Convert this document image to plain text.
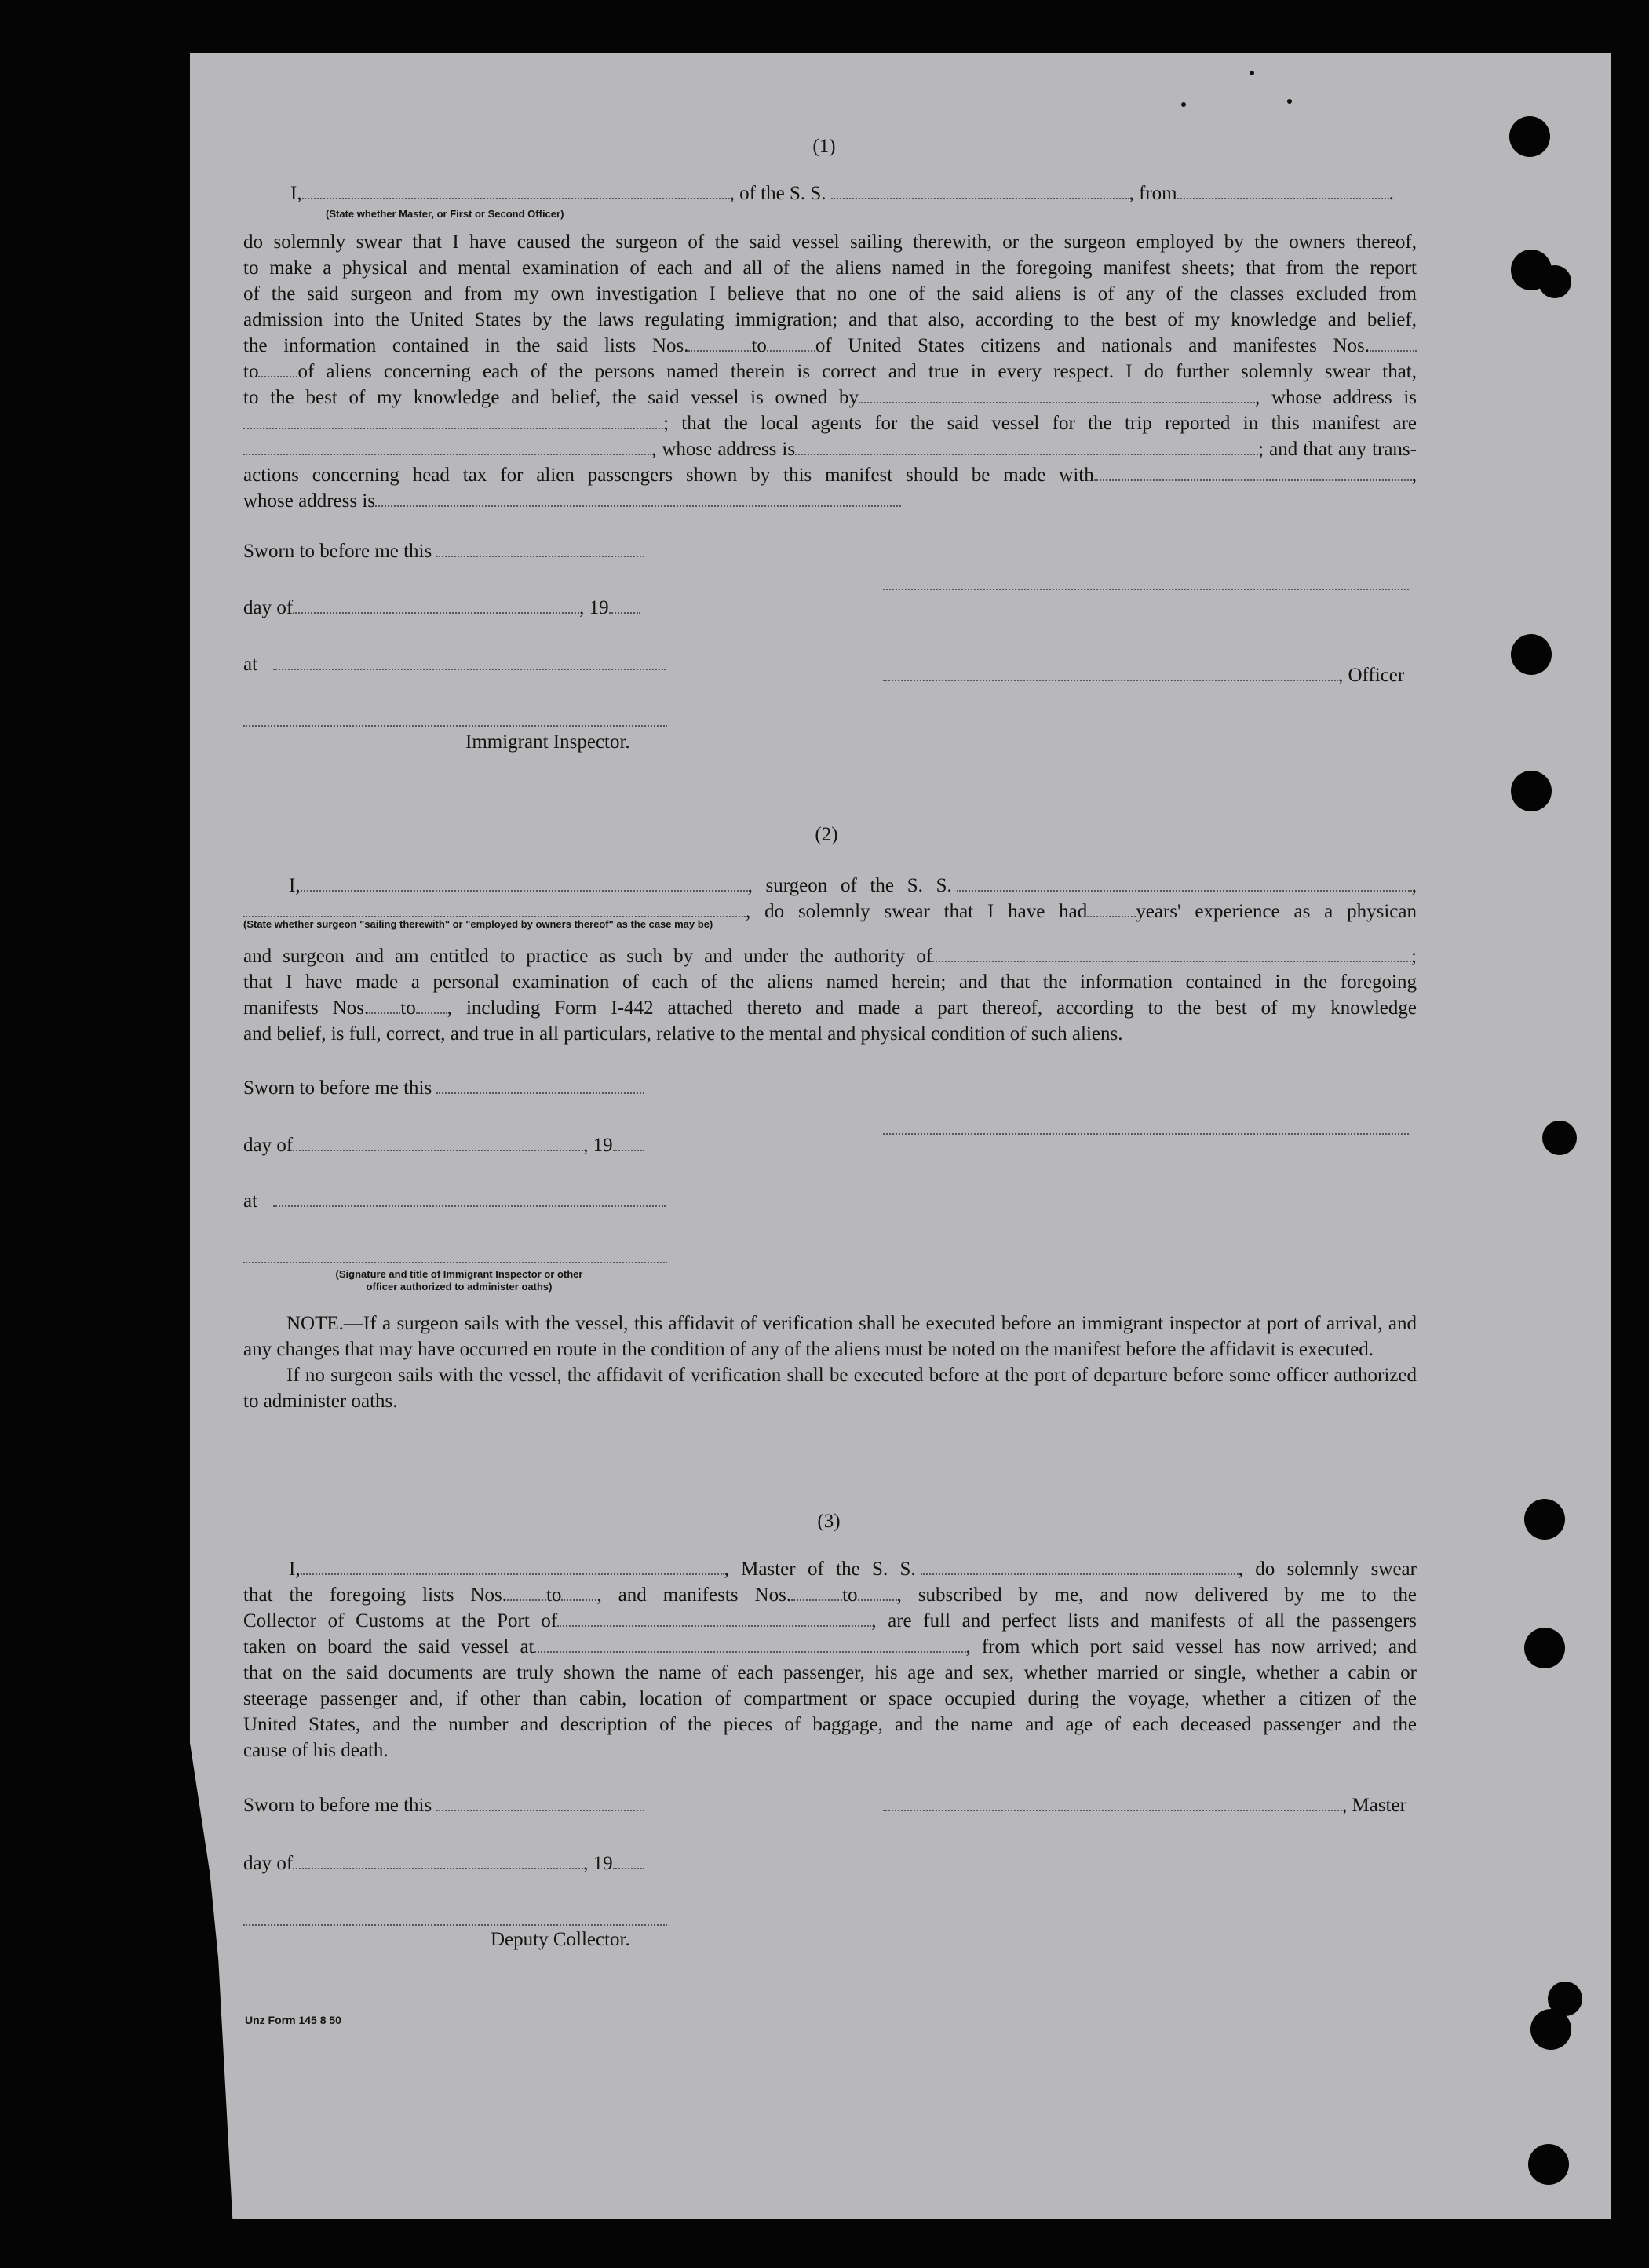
(1)
I,	, of the S. S.	, from	.
(State whether Master, or First or Second Officer)

do solemnly swear that I have caused the surgeon of the said vessel sailing therewith, or the surgeon employed by the owners thereof,

to make a physical and mental examination of each and all of the aliens named in the foregoing manifest sheets; that from the report

of the said surgeon and from my own investigation I believe that no one of the said aliens is of any of the classes excluded from

admission into the United States by the laws regulating immigration; and that also, according to the best of my knowledge and belief,

the information contained in the said lists Nos.	to of United States citizens and nationals and manifestes Nos.

to of aliens concerning each of the persons named therein is correct and true in every respect. I do further solemnly swear that,

to the best of my knowledge and belief, the said vessel is owned by	, whose address is

; that the local agents for the said vessel for the trip reported in this manifest are

, whose address is	; and that any trans-

actions concerning head tax for alien passengers shown by this manifest should be made with	,

whose address is

Sworn to before me this
day of	, 19
at
, Officer
Immigrant Inspector.
(2)

I,	, surgeon of the S. S.	,

, do solemnly swear that I have had years' experience as a physican

(State whether surgeon "sailing therewith" or "employed by owners thereof" as the case may be)

and surgeon and am entitled to practice as such by and under the authority of	;

that I have made a personal examination of each of the aliens named herein; and that the information contained in the foregoing

manifests Nos. to , including Form I-442 attached thereto and made a part thereof, according to the best of my knowledge

and belief, is full, correct, and true in all particulars, relative to the mental and physical condition of such aliens.

Sworn to before me this
day of	, 19
at
(Signature and title of Immigrant Inspector or other
officer authorized to administer oaths)
NOTE.—If a surgeon sails with the vessel, this affidavit of verification shall be executed before an immigrant inspector at port of arrival, and any changes that may have occurred en route in the condition of any of the aliens must be noted on the manifest before the affidavit is executed.
If no surgeon sails with the vessel, the affidavit of verification shall be executed before at the port of departure before some officer authorized to administer oaths.
(3)

I,	, Master of the S. S.	, do solemnly swear

that the foregoing lists Nos. to , and manifests Nos.	to , subscribed by me, and now delivered by me to the

Collector of Customs at the Port of	, are full and perfect lists and manifests of all the passengers

taken on board the said vessel at	, from which port said vessel has now arrived; and

that on the said documents are truly shown the name of each passenger, his age and sex, whether married or single, whether a cabin or

steerage passenger and, if other than cabin, location of compartment or space occupied during the voyage, whether a citizen of the

United States, and the number and description of the pieces of baggage, and the name and age of each deceased passenger and the

cause of his death.

Sworn to before me this	, Master
day of	, 19
Deputy Collector.
Unz Form 145 8 50
